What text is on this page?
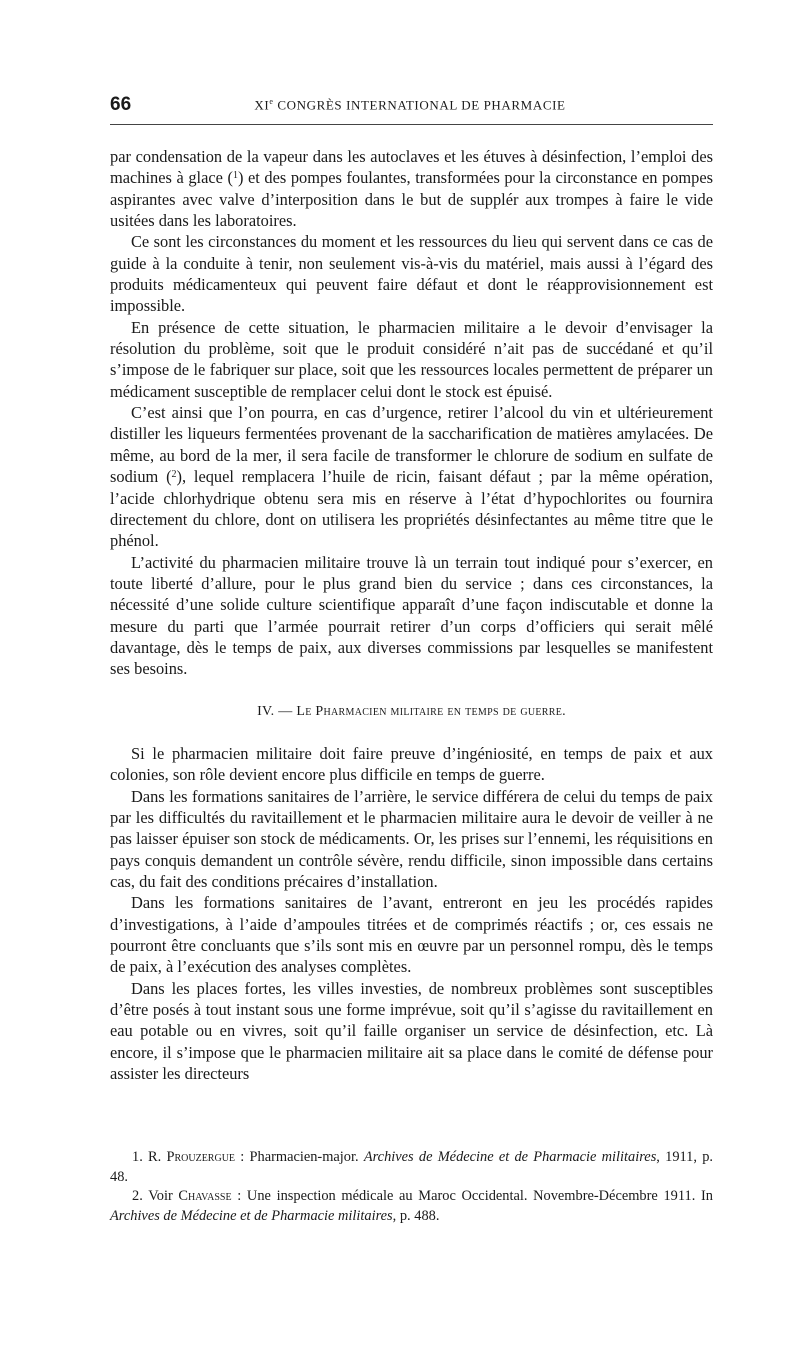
66	XIe CONGRÈS INTERNATIONAL DE PHARMACIE

par condensation de la vapeur dans les autoclaves et les étuves à désinfection, l’emploi des machines à glace ($^1$) et des pompes foulantes, transformées pour la circonstance en pompes aspirantes avec valve d’interposition dans le but de supplér aux trompes à faire le vide usitées dans les laboratoires.

Ce sont les circonstances du moment et les ressources du lieu qui servent dans ce cas de guide à la conduite à tenir, non seulement vis-à-vis du matériel, mais aussi à l’égard des produits médicamenteux qui peuvent faire défaut et dont le réapprovisionnement est impossible.

En présence de cette situation, le pharmacien militaire a le devoir d’envisager la résolution du problème, soit que le produit considéré n’ait pas de succédané et qu’il s’impose de le fabriquer sur place, soit que les ressources locales permettent de préparer un médicament susceptible de remplacer celui dont le stock est épuisé.

C’est ainsi que l’on pourra, en cas d’urgence, retirer l’alcool du vin et ultérieurement distiller les liqueurs fermentées provenant de la saccharification de matières amylacées. De même, au bord de la mer, il sera facile de transformer le chlorure de sodium en sulfate de sodium ($^2$), lequel remplacera l’huile de ricin, faisant défaut ; par la même opération, l’acide chlorhydrique obtenu sera mis en réserve à l’état d’hypochlorites ou fournira directement du chlore, dont on utilisera les propriétés désinfectantes au même titre que le phénol.

L’activité du pharmacien militaire trouve là un terrain tout indiqué pour s’exercer, en toute liberté d’allure, pour le plus grand bien du service ; dans ces circonstances, la nécessité d’une solide culture scientifique apparaît d’une façon indiscutable et donne la mesure du parti que l’armée pourrait retirer d’un corps d’officiers qui serait mêlé davantage, dès le temps de paix, aux diverses commissions par lesquelles se manifestent ses besoins.

IV. — Le Pharmacien militaire en temps de guerre.

Si le pharmacien militaire doit faire preuve d’ingéniosité, en temps de paix et aux colonies, son rôle devient encore plus difficile en temps de guerre.

Dans les formations sanitaires de l’arrière, le service différera de celui du temps de paix par les difficultés du ravitaillement et le pharmacien militaire aura le devoir de veiller à ne pas laisser épuiser son stock de médicaments. Or, les prises sur l’ennemi, les réquisitions en pays conquis demandent un contrôle sévère, rendu difficile, sinon impossible dans certains cas, du fait des conditions précaires d’installation.

Dans les formations sanitaires de l’avant, entreront en jeu les procédés rapides d’investigations, à l’aide d’ampoules titrées et de comprimés réactifs ; or, ces essais ne pourront être concluants que s’ils sont mis en œuvre par un personnel rompu, dès le temps de paix, à l’exécution des analyses complètes.

Dans les places fortes, les villes investies, de nombreux problèmes sont susceptibles d’être posés à tout instant sous une forme imprévue, soit qu’il s’agisse du ravitaillement en eau potable ou en vivres, soit qu’il faille organiser un service de désinfection, etc. Là encore, il s’impose que le pharmacien militaire ait sa place dans le comité de défense pour assister les directeurs

1. R. Prouzergue : Pharmacien-major. Archives de Médecine et de Pharmacie militaires, 1911, p. 48.

2. Voir Chavasse : Une inspection médicale au Maroc Occidental. Novembre-Décembre 1911. In Archives de Médecine et de Pharmacie militaires, p. 488.
